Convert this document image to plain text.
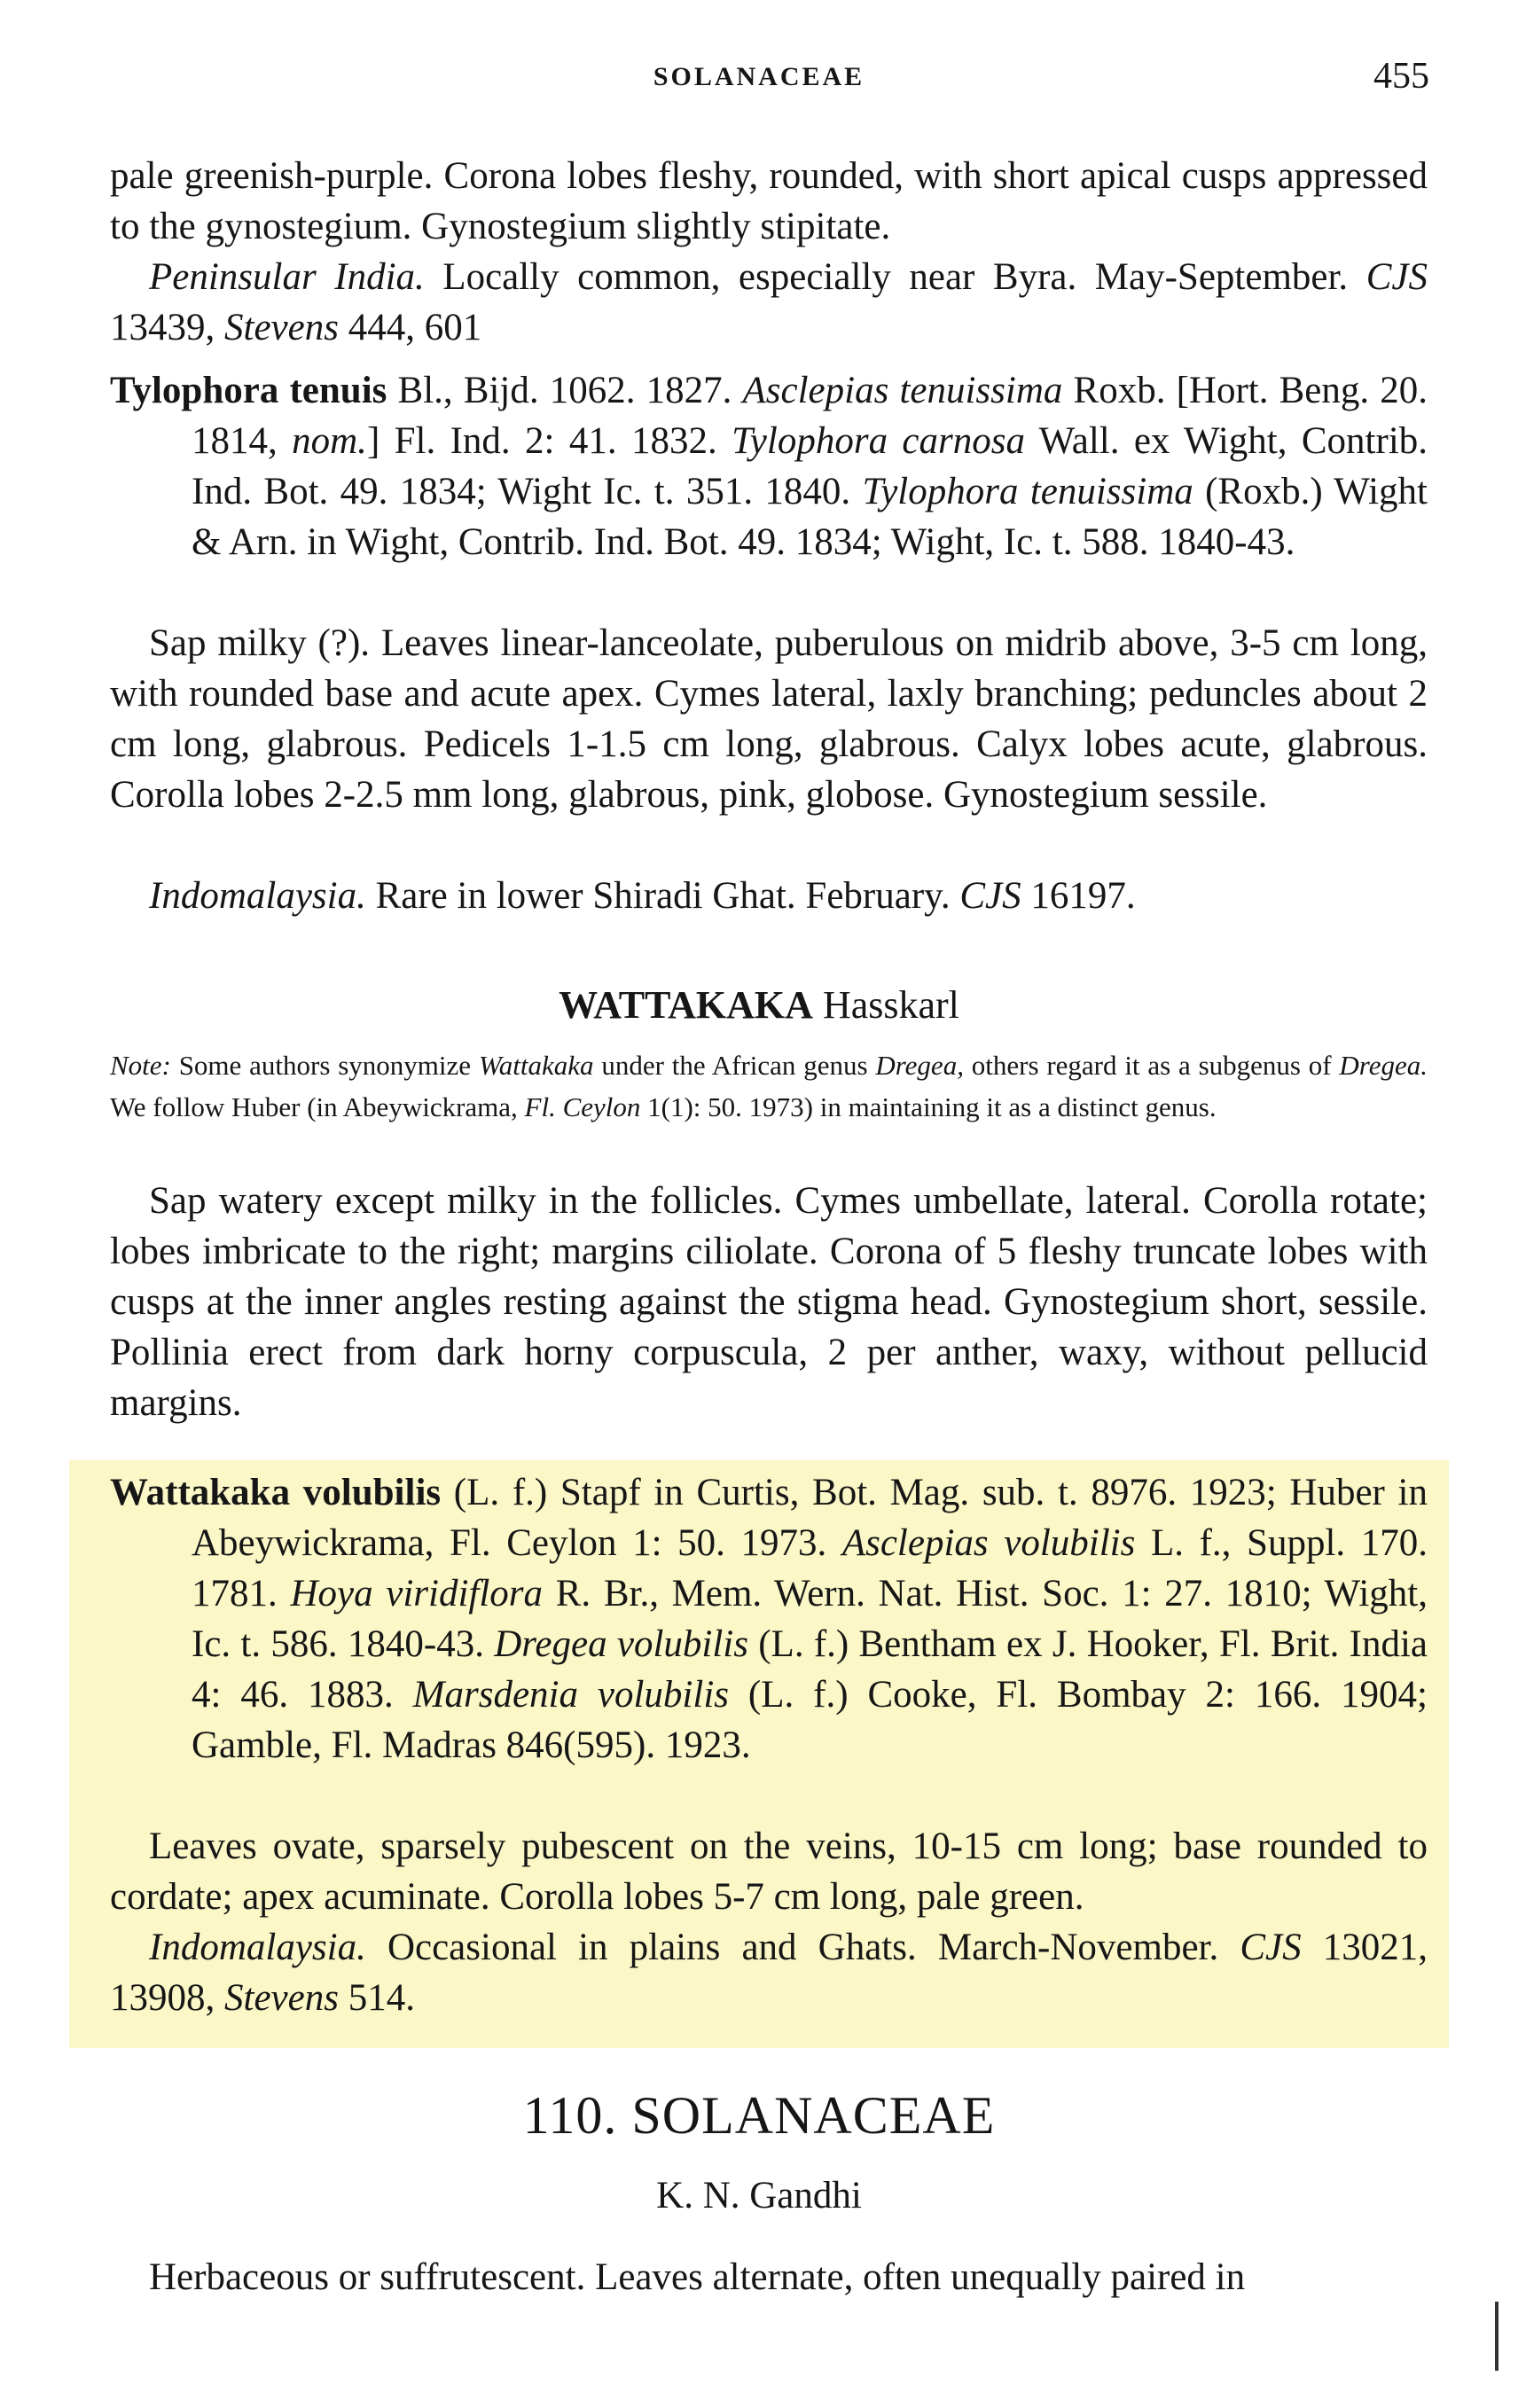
SOLANACEAE	455

pale greenish-purple. Corona lobes fleshy, rounded, with short apical cusps appressed to the gynostegium. Gynostegium slightly stipitate.

Peninsular India. Locally common, especially near Byra. May-September. CJS 13439, Stevens 444, 601

Tylophora tenuis Bl., Bijd. 1062. 1827. Asclepias tenuissima Roxb. [Hort. Beng. 20. 1814, nom.] Fl. Ind. 2: 41. 1832. Tylophora carnosa Wall. ex Wight, Contrib. Ind. Bot. 49. 1834; Wight Ic. t. 351. 1840. Tylophora tenuissima (Roxb.) Wight & Arn. in Wight, Contrib. Ind. Bot. 49. 1834; Wight, Ic. t. 588. 1840-43.

Sap milky (?). Leaves linear-lanceolate, puberulous on midrib above, 3-5 cm long, with rounded base and acute apex. Cymes lateral, laxly branching; peduncles about 2 cm long, glabrous. Pedicels 1-1.5 cm long, glabrous. Calyx lobes acute, glabrous. Corolla lobes 2-2.5 mm long, glabrous, pink, globose. Gynostegium sessile.

Indomalaysia. Rare in lower Shiradi Ghat. February. CJS 16197.

WATTAKAKA Hasskarl

Note: Some authors synonymize Wattakaka under the African genus Dregea, others regard it as a subgenus of Dregea. We follow Huber (in Abeywickrama, Fl. Ceylon 1(1): 50. 1973) in maintaining it as a distinct genus.

Sap watery except milky in the follicles. Cymes umbellate, lateral. Corolla rotate; lobes imbricate to the right; margins ciliolate. Corona of 5 fleshy truncate lobes with cusps at the inner angles resting against the stigma head. Gynostegium short, sessile. Pollinia erect from dark horny corpuscula, 2 per anther, waxy, without pellucid margins.

Wattakaka volubilis (L. f.) Stapf in Curtis, Bot. Mag. sub. t. 8976. 1923; Huber in Abeywickrama, Fl. Ceylon 1: 50. 1973. Asclepias volubilis L. f., Suppl. 170. 1781. Hoya viridiflora R. Br., Mem. Wern. Nat. Hist. Soc. 1: 27. 1810; Wight, Ic. t. 586. 1840-43. Dregea volubilis (L. f.) Bentham ex J. Hooker, Fl. Brit. India 4: 46. 1883. Marsdenia volubilis (L. f.) Cooke, Fl. Bombay 2: 166. 1904; Gamble, Fl. Madras 846(595). 1923.

Leaves ovate, sparsely pubescent on the veins, 10-15 cm long; base rounded to cordate; apex acuminate. Corolla lobes 5-7 cm long, pale green.

Indomalaysia. Occasional in plains and Ghats. March-November. CJS 13021, 13908, Stevens 514.

110. SOLANACEAE
K. N. Gandhi

Herbaceous or suffrutescent. Leaves alternate, often unequally paired in
